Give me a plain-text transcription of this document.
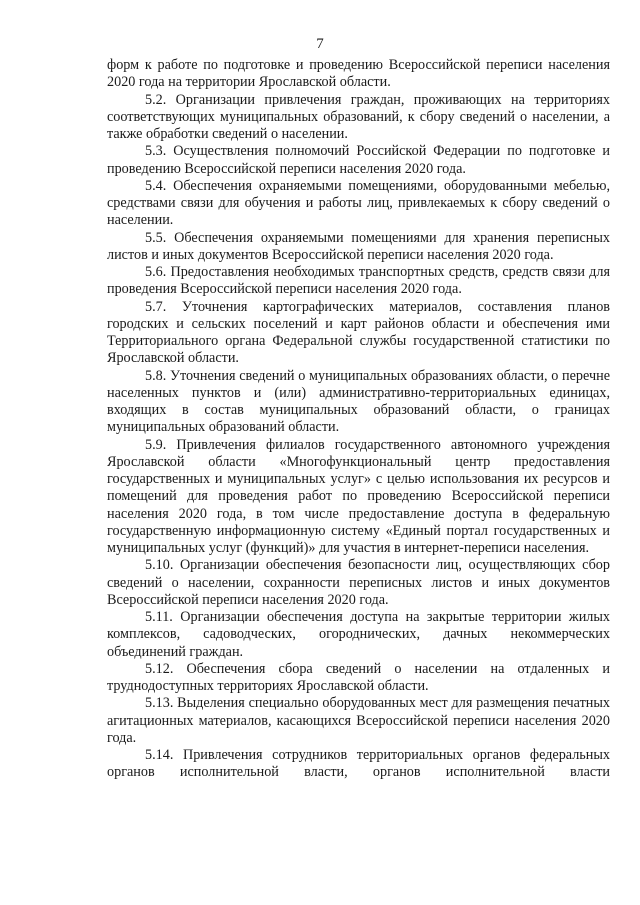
7

форм к работе по подготовке и проведению Всероссийской переписи населения 2020 года на территории Ярославской области.

5.2. Организации привлечения граждан, проживающих на территориях соответствующих муниципальных образований, к сбору сведений о населении, а также обработки сведений о населении.

5.3. Осуществления полномочий Российской Федерации по подготовке и проведению Всероссийской переписи населения 2020 года.

5.4. Обеспечения охраняемыми помещениями, оборудованными мебелью, средствами связи для обучения и работы лиц, привлекаемых к сбору сведений о населении.

5.5. Обеспечения охраняемыми помещениями для хранения переписных листов и иных документов Всероссийской переписи населения 2020 года.

5.6. Предоставления необходимых транспортных средств, средств связи для проведения Всероссийской переписи населения 2020 года.

5.7. Уточнения картографических материалов, составления планов городских и сельских поселений и карт районов области и обеспечения ими Территориального органа Федеральной службы государственной статистики по Ярославской области.

5.8. Уточнения сведений о муниципальных образованиях области, о перечне населенных пунктов и (или) административно-территориальных единицах, входящих в состав муниципальных образований области, о границах муниципальных образований области.

5.9. Привлечения филиалов государственного автономного учреждения Ярославской области «Многофункциональный центр предоставления государственных и муниципальных услуг» с целью использования их ресурсов и помещений для проведения работ по проведению Всероссийской переписи населения 2020 года, в том числе предоставление доступа в федеральную государственную информационную систему «Единый портал государственных и муниципальных услуг (функций)» для участия в интернет-переписи населения.

5.10. Организации обеспечения безопасности лиц, осуществляющих сбор сведений о населении, сохранности переписных листов и иных документов Всероссийской переписи населения 2020 года.

5.11. Организации обеспечения доступа на закрытые территории жилых комплексов, садоводческих, огороднических, дачных некоммерческих объединений граждан.

5.12. Обеспечения сбора сведений о населении на отдаленных и труднодоступных территориях Ярославской области.

5.13. Выделения специально оборудованных мест для размещения печатных агитационных материалов, касающихся Всероссийской переписи населения 2020 года.

5.14. Привлечения сотрудников территориальных органов федеральных органов исполнительной власти, органов исполнительной власти
